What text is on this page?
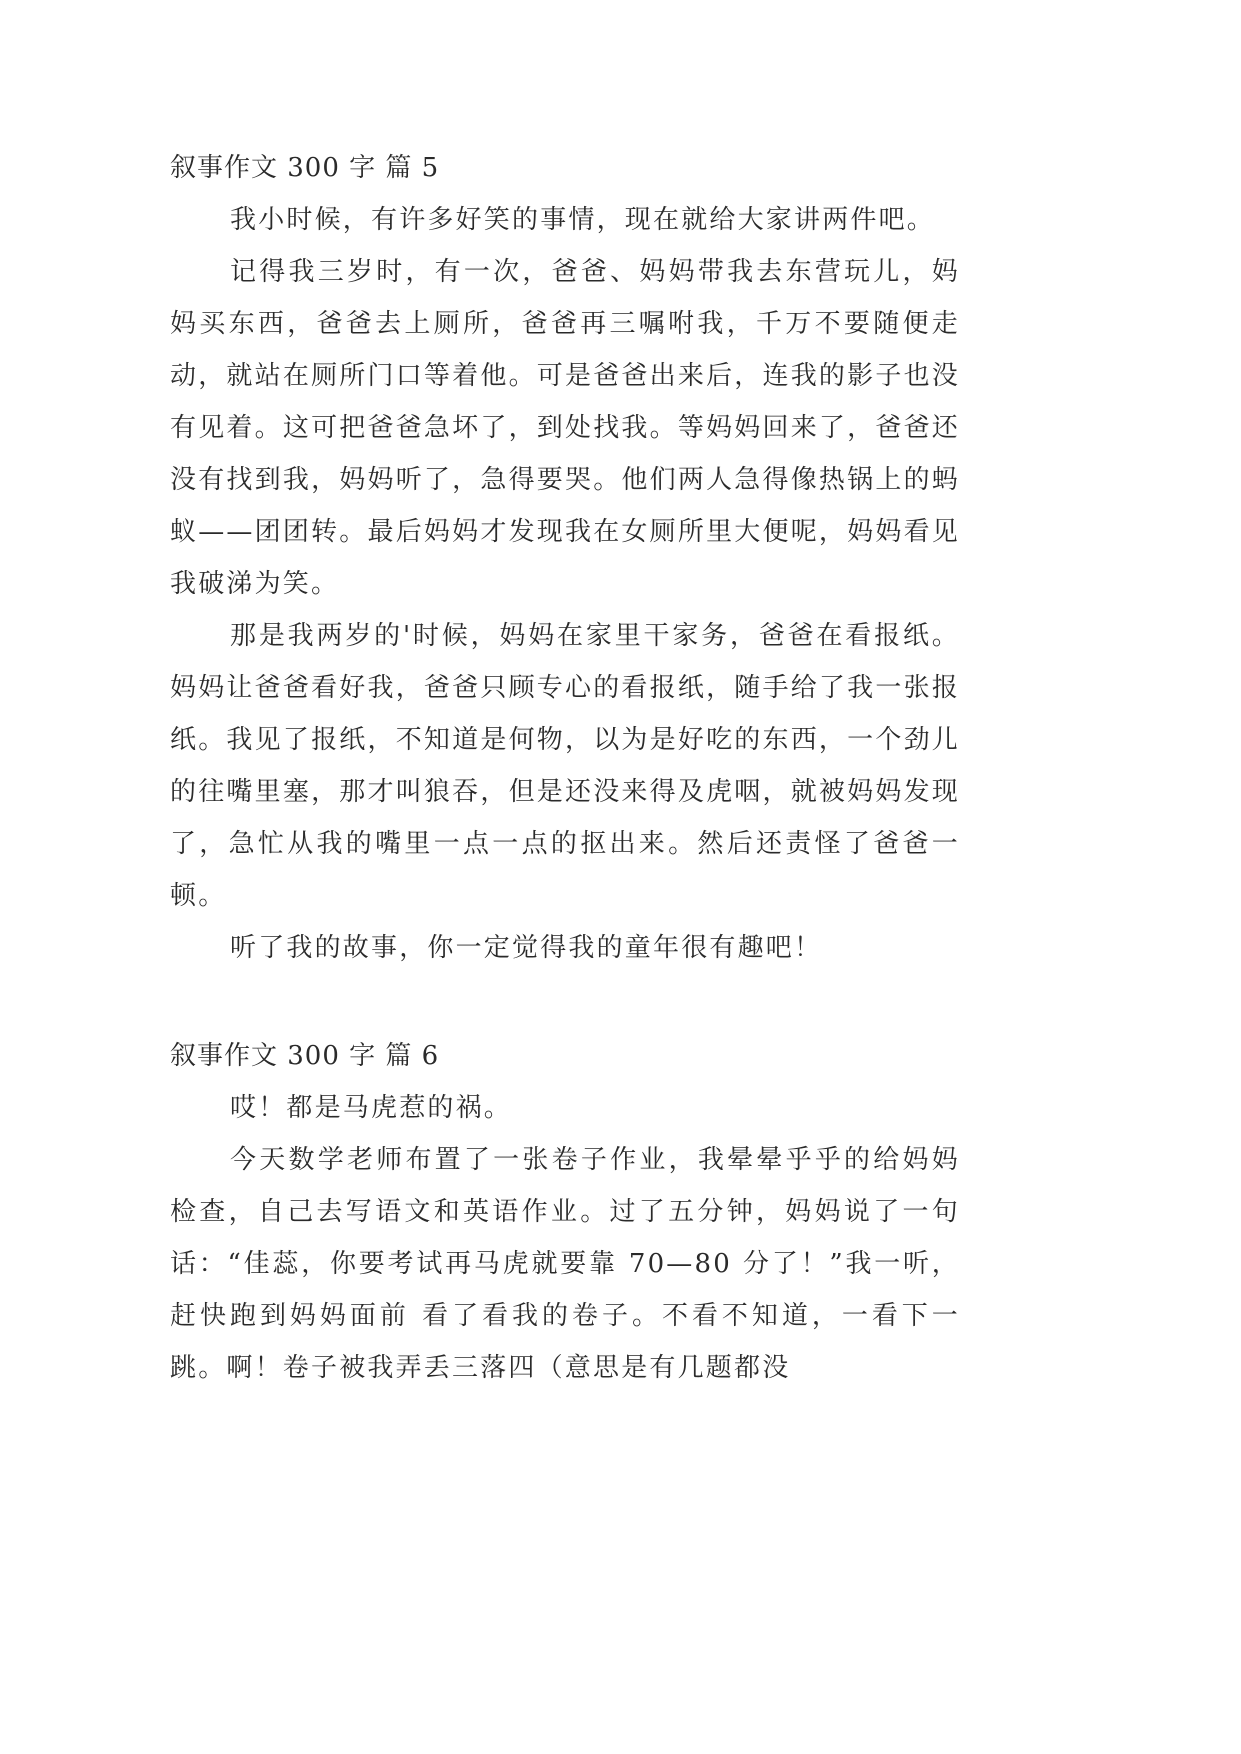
叙事作文 300 字 篇 5

我小时候，有许多好笑的事情，现在就给大家讲两件吧。

记得我三岁时，有一次，爸爸、妈妈带我去东营玩儿，妈妈买东西，爸爸去上厕所，爸爸再三嘱咐我，千万不要随便走动，就站在厕所门口等着他。可是爸爸出来后，连我的影子也没有见着。这可把爸爸急坏了，到处找我。等妈妈回来了，爸爸还没有找到我，妈妈听了，急得要哭。他们两人急得像热锅上的蚂蚁——团团转。最后妈妈才发现我在女厕所里大便呢，妈妈看见我破涕为笑。

那是我两岁的'时候，妈妈在家里干家务，爸爸在看报纸。妈妈让爸爸看好我，爸爸只顾专心的看报纸，随手给了我一张报纸。我见了报纸，不知道是何物，以为是好吃的东西，一个劲儿的往嘴里塞，那才叫狼吞，但是还没来得及虎咽，就被妈妈发现了，急忙从我的嘴里一点一点的抠出来。然后还责怪了爸爸一顿。

听了我的故事，你一定觉得我的童年很有趣吧！

叙事作文 300 字 篇 6

哎！都是马虎惹的祸。

今天数学老师布置了一张卷子作业，我晕晕乎乎的给妈妈检查，自己去写语文和英语作业。过了五分钟，妈妈说了一句话：“佳蕊，你要考试再马虎就要靠 70—80 分了！”我一听，赶快跑到妈妈面前 看了看我的卷子。不看不知道，一看下一跳。啊！卷子被我弄丢三落四（意思是有几题都没
